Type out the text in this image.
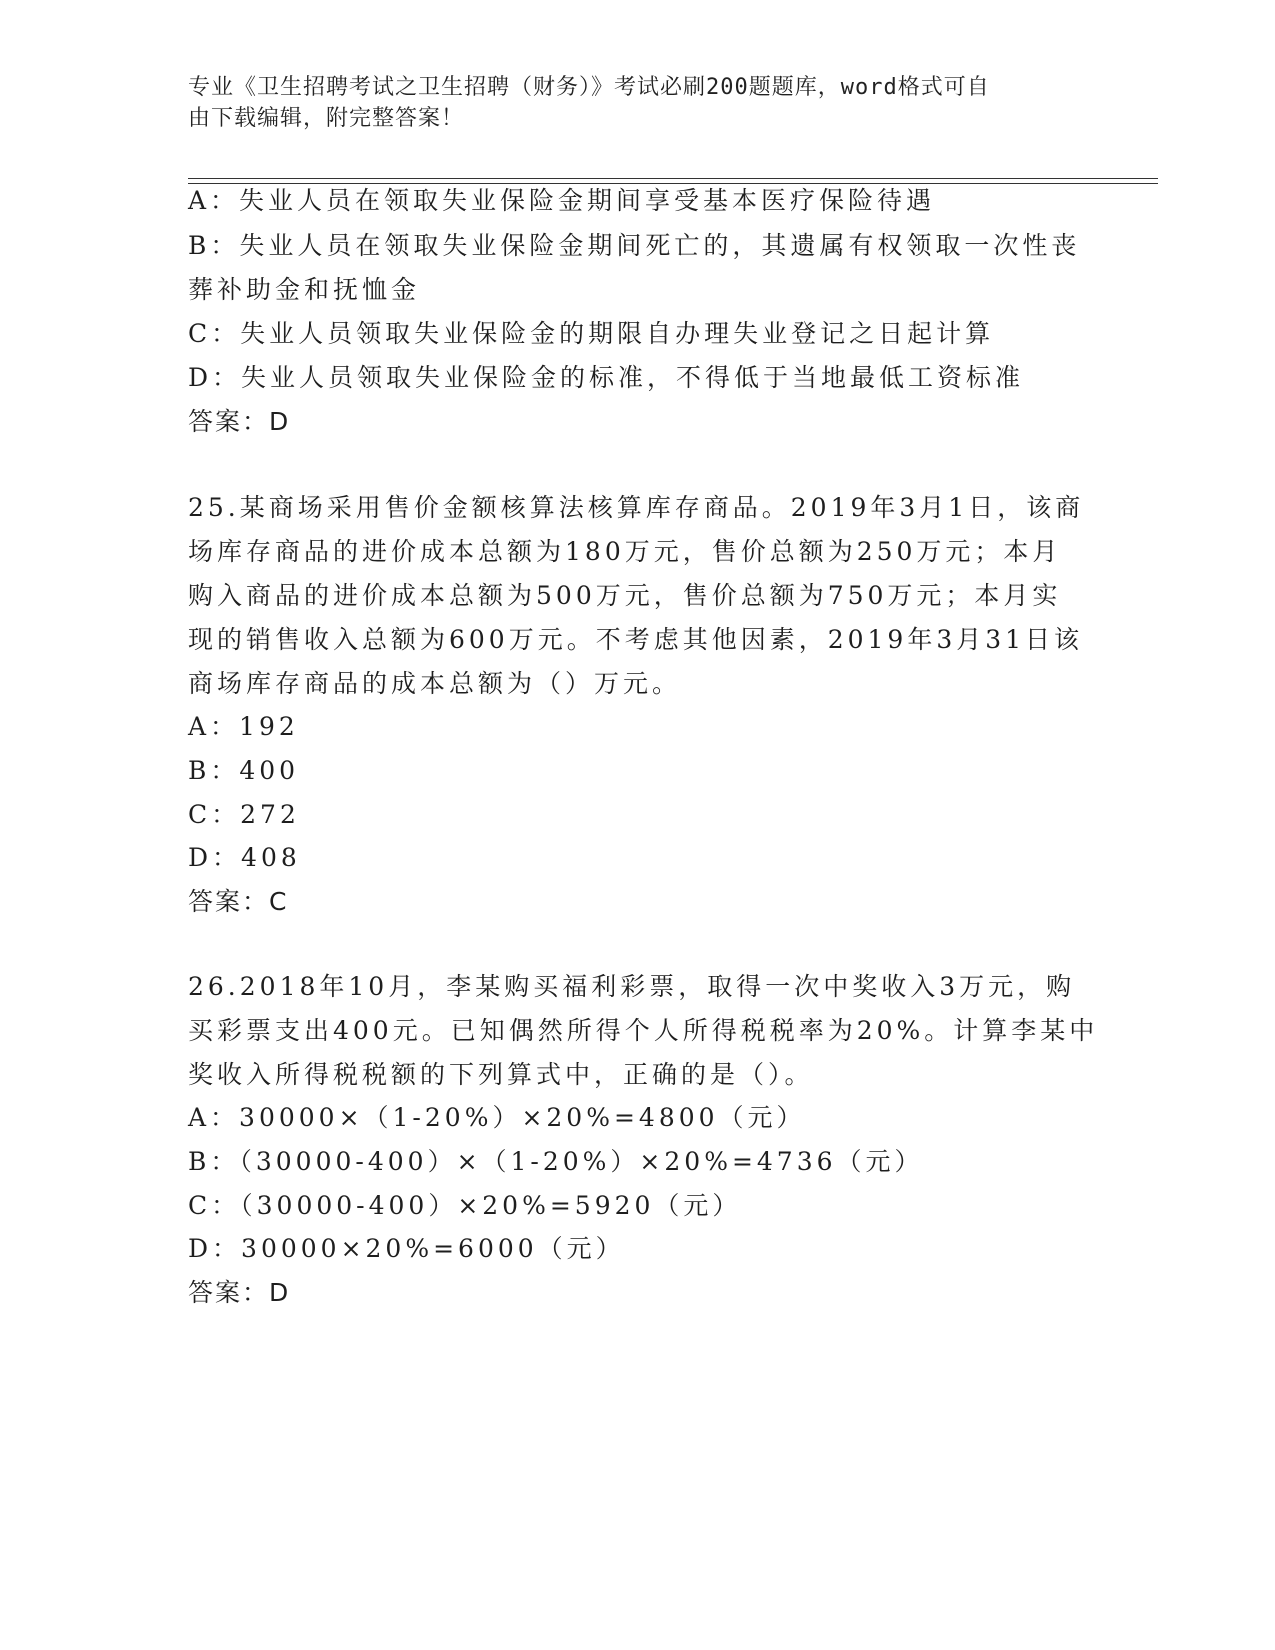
专业《卫生招聘考试之卫生招聘（财务）》考试必刷200题题库，word格式可自
由下载编辑，附完整答案！
A：失业人员在领取失业保险金期间享受基本医疗保险待遇
B：失业人员在领取失业保险金期间死亡的，其遗属有权领取一次性丧
葬补助金和抚恤金
C：失业人员领取失业保险金的期限自办理失业登记之日起计算
D：失业人员领取失业保险金的标准，不得低于当地最低工资标准
答案：D
25.某商场采用售价金额核算法核算库存商品。2019年3月1日，该商
场库存商品的进价成本总额为180万元，售价总额为250万元；本月
购入商品的进价成本总额为500万元，售价总额为750万元；本月实
现的销售收入总额为600万元。不考虑其他因素，2019年3月31日该
商场库存商品的成本总额为（）万元。
A：192
B：400
C：272
D：408
答案：C
26.2018年10月，李某购买福利彩票，取得一次中奖收入3万元，购
买彩票支出400元。已知偶然所得个人所得税税率为20%。计算李某中
奖收入所得税税额的下列算式中，正确的是（）。
A：30000×（1-20%）×20%=4800（元）
B：（30000-400）×（1-20%）×20%=4736（元）
C：（30000-400）×20%=5920（元）
D：30000×20%=6000（元）
答案：D
